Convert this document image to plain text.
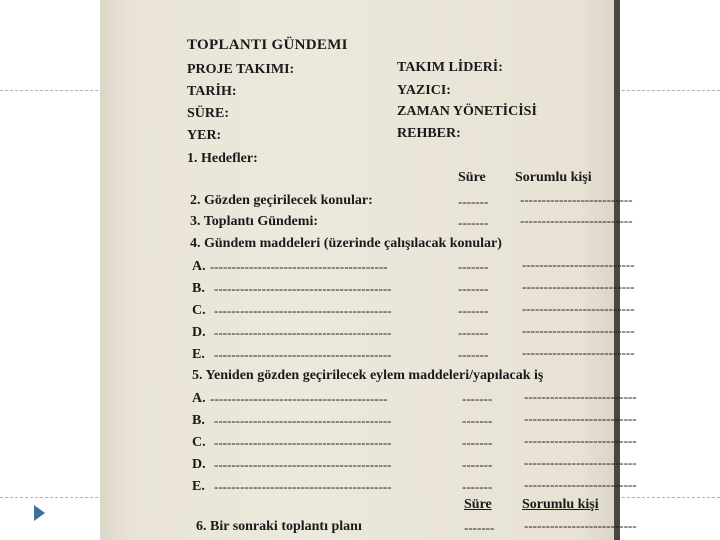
TOPLANTI GÜNDEMI
PROJE TAKIMI:	TAKIM LİDERİ:
TARİH:	YAZICI:
SÜRE:	ZAMAN YÖNETİCİSİ
YER:	REHBER:
1. Hedefler:
Süre Sorumlu kişi
2. Gözden geçirilecek konular:	-------	--------------------------
3. Toplantı Gündemi:	-------	--------------------------
4. Gündem maddeleri (üzerinde çalışılacak konular)
A. -----------------------------------------	-------	--------------------------
B. -----------------------------------------	-------	--------------------------
C. -----------------------------------------	-------	--------------------------
D. -----------------------------------------	-------	--------------------------
E. -----------------------------------------	-------	--------------------------
5. Yeniden gözden geçirilecek eylem maddeleri/yapılacak iş
A. -----------------------------------------	-------	--------------------------
B. -----------------------------------------	-------	--------------------------
C. -----------------------------------------	-------	--------------------------
D. -----------------------------------------	-------	--------------------------
E. -----------------------------------------	-------	--------------------------
Süre Sorumlu kişi
6. Bir sonraki toplantı planı	-------	--------------------------
